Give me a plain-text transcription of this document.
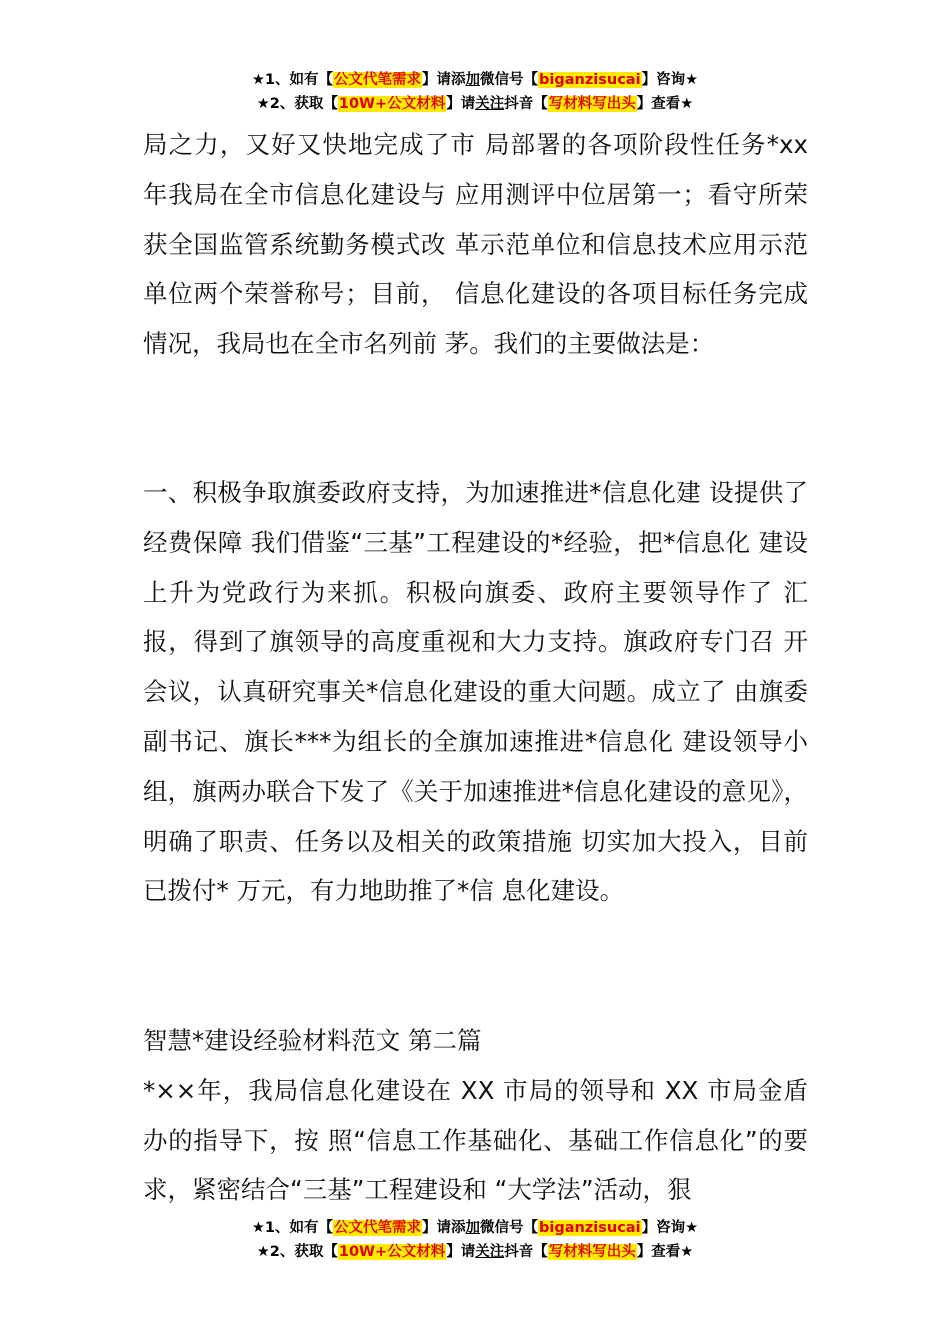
★1、如有【公文代笔需求】请添加微信号【biganzisucai】咨询★
★2、获取【10W+公文材料】请关注抖音【写材料写出头】查看★

局之力，又好又快地完成了市 局部署的各项阶段性任务*xx 年我局在全市信息化建设与 应用测评中位居第一；看守所荣获全国监管系统勤务模式改 革示范单位和信息技术应用示范单位两个荣誉称号；目前， 信息化建设的各项目标任务完成情况，我局也在全市名列前 茅。我们的主要做法是：

一、积极争取旗委政府支持，为加速推进*信息化建 设提供了经费保障 我们借鉴“三基”工程建设的*经验，把*信息化 建设上升为党政行为来抓。积极向旗委、政府主要领导作了 汇报，得到了旗领导的高度重视和大力支持。旗政府专门召 开会议，认真研究事关*信息化建设的重大问题。成立了 由旗委副书记、旗长***为组长的全旗加速推进*信息化 建设领导小组，旗两办联合下发了《关于加速推进*信息化建设的意见》，明确了职责、任务以及相关的政策措施 切实加大投入，目前已拨付* 万元，有力地助推了*信 息化建设。

智慧*建设经验材料范文 第二篇

*××年，我局信息化建设在 XX 市局的领导和 XX 市局金盾办的指导下，按 照“信息工作基础化、基础工作信息化”的要求，紧密结合“三基”工程建设和 “大学法”活动，狠

★1、如有【公文代笔需求】请添加微信号【biganzisucai】咨询★
★2、获取【10W+公文材料】请关注抖音【写材料写出头】查看★
